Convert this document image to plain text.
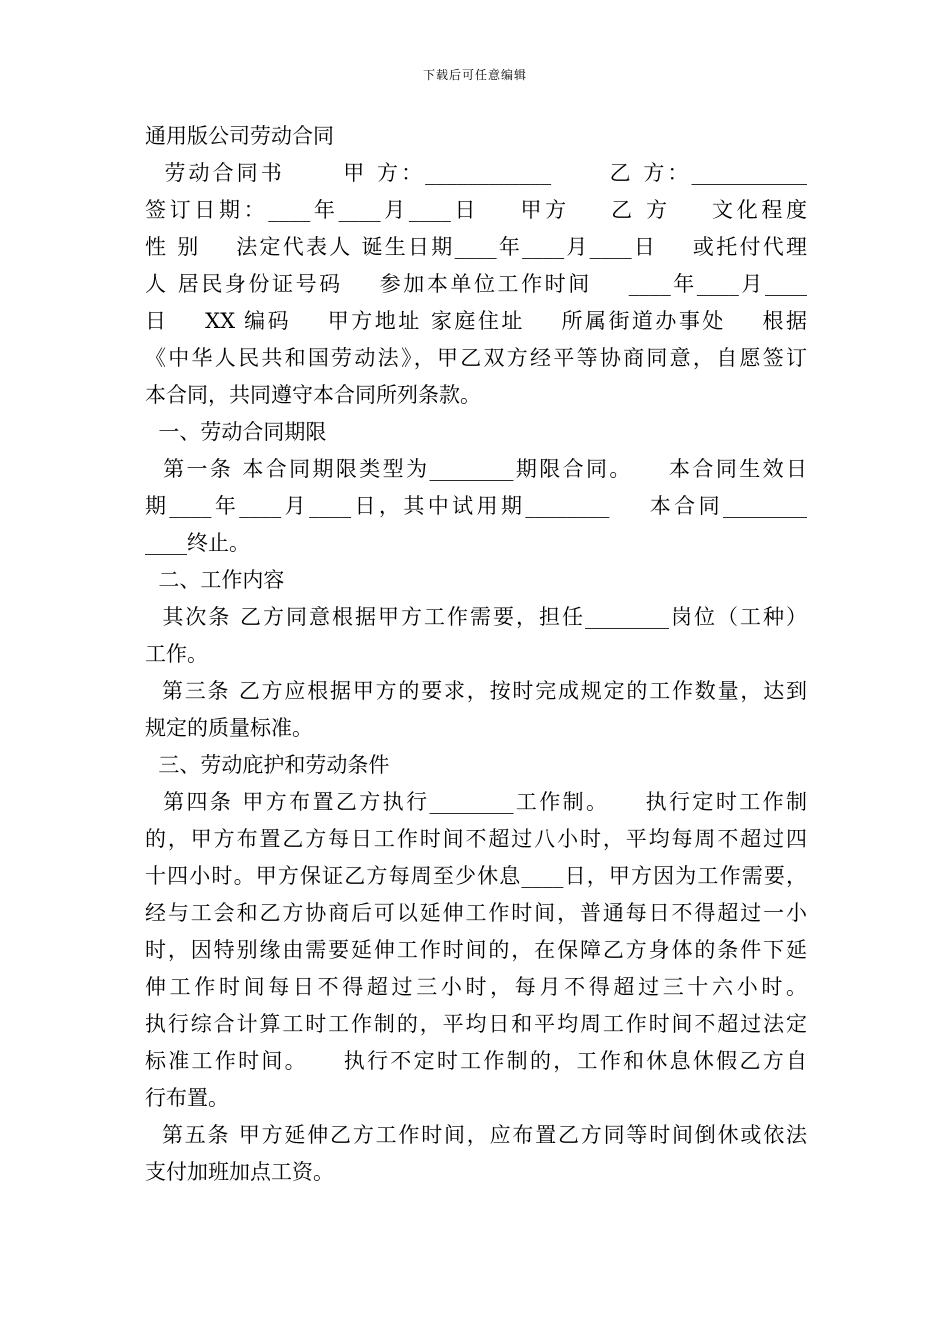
下载后可任意编辑
通用版公司劳动合同
劳动合同书      甲 方：____________      乙 方：___________
签订日期：____年____月____日    甲方    乙 方    文化程度
性 别    法定代表人 诞生日期____年____月____日    或托付代理
人 居民身份证号码    参加本单位工作时间    ____年____月____
日    XX 编码    甲方地址 家庭住址    所属街道办事处    根据
《中华人民共和国劳动法》，甲乙双方经平等协商同意，自愿签订
本合同，共同遵守本合同所列条款。
一、劳动合同期限
第一条 本合同期限类型为________期限合同。    本合同生效日
期____年____月____日，其中试用期________    本合同________
____终止。
二、工作内容
其次条 乙方同意根据甲方工作需要，担任________岗位（工种）
工作。
第三条 乙方应根据甲方的要求，按时完成规定的工作数量，达到
规定的质量标准。
三、劳动庇护和劳动条件
第四条 甲方布置乙方执行________工作制。    执行定时工作制
的，甲方布置乙方每日工作时间不超过八小时，平均每周不超过四
十四小时。甲方保证乙方每周至少休息____日，甲方因为工作需要，
经与工会和乙方协商后可以延伸工作时间，普通每日不得超过一小
时，因特别缘由需要延伸工作时间的，在保障乙方身体的条件下延
伸工作时间每日不得超过三小时，每月不得超过三十六小时。
执行综合计算工时工作制的，平均日和平均周工作时间不超过法定
标准工作时间。    执行不定时工作制的，工作和休息休假乙方自
行布置。
第五条 甲方延伸乙方工作时间，应布置乙方同等时间倒休或依法
支付加班加点工资。
